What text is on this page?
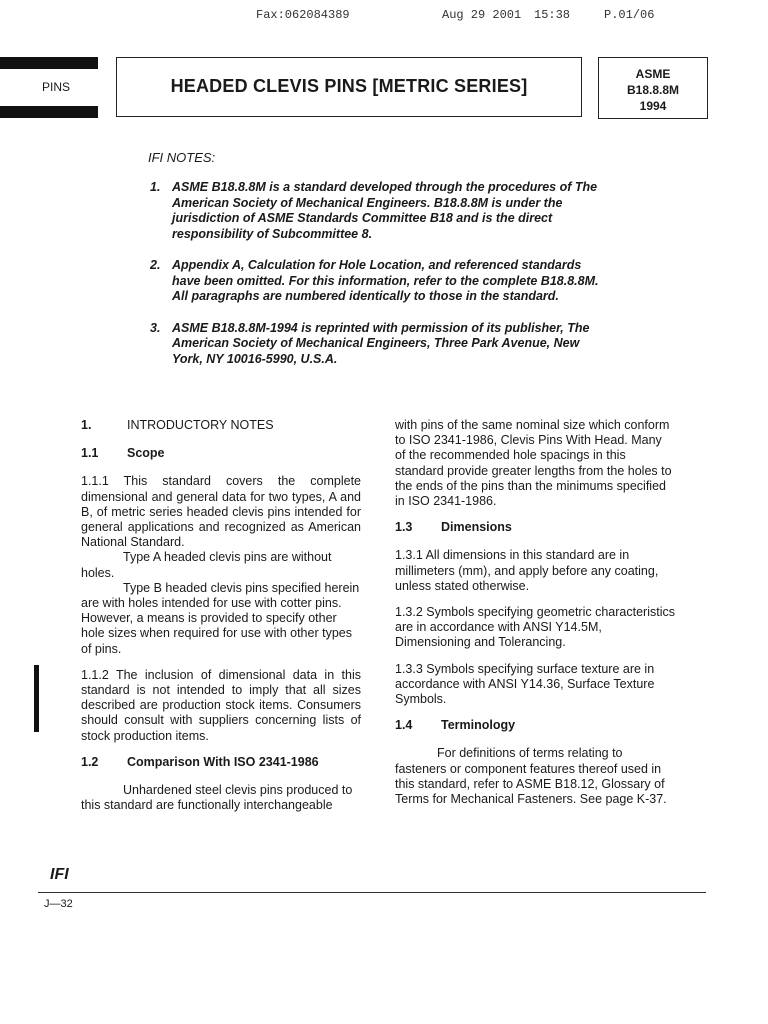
Fax:062084389	Aug 29 2001 15:38	P.01/06
PINS	HEADED CLEVIS PINS [METRIC SERIES]
ASME
B18.8.8M
1994
IFI NOTES:
1. ASME B18.8.8M is a standard developed through the procedures of The American Society of Mechanical Engineers. B18.8.8M is under the jurisdiction of ASME Standards Committee B18 and is the direct responsibility of Subcommittee 8.
2. Appendix A, Calculation for Hole Location, and referenced standards have been omitted. For this information, refer to the complete B18.8.8M. All paragraphs are numbered identically to those in the standard.
3. ASME B18.8.8M-1994 is reprinted with permission of its publisher, The American Society of Mechanical Engineers, Three Park Avenue, New York, NY 10016-5990, U.S.A.
1.	INTRODUCTORY NOTES
1.1	Scope

1.1.1 This standard covers the complete dimensional and general data for two types, A and B, of metric series headed clevis pins intended for general applications and recognized as American National Standard.

Type A headed clevis pins are without holes.

Type B headed clevis pins specified herein are with holes intended for use with cotter pins. However, a means is provided to specify other hole sizes when required for use with other types of pins.

1.1.2 The inclusion of dimensional data in this standard is not intended to imply that all sizes described are production stock items. Consumers should consult with suppliers concerning lists of stock production items.

1.2	Comparison With ISO 2341-1986

Unhardened steel clevis pins produced to this standard are functionally interchangeable

with pins of the same nominal size which conform to ISO 2341-1986, Clevis Pins With Head. Many of the recommended hole spacings in this standard provide greater lengths from the holes to the ends of the pins than the minimums specified in ISO 2341-1986.

1.3	Dimensions

1.3.1 All dimensions in this standard are in millimeters (mm), and apply before any coating, unless stated otherwise.

1.3.2 Symbols specifying geometric characteristics are in accordance with ANSI Y14.5M, Dimensioning and Tolerancing.

1.3.3 Symbols specifying surface texture are in accordance with ANSI Y14.36, Surface Texture Symbols.

1.4	Terminology

For definitions of terms relating to fasteners or component features thereof used in this standard, refer to ASME B18.12, Glossary of Terms for Mechanical Fasteners. See page K-37.

IFI
J—32
